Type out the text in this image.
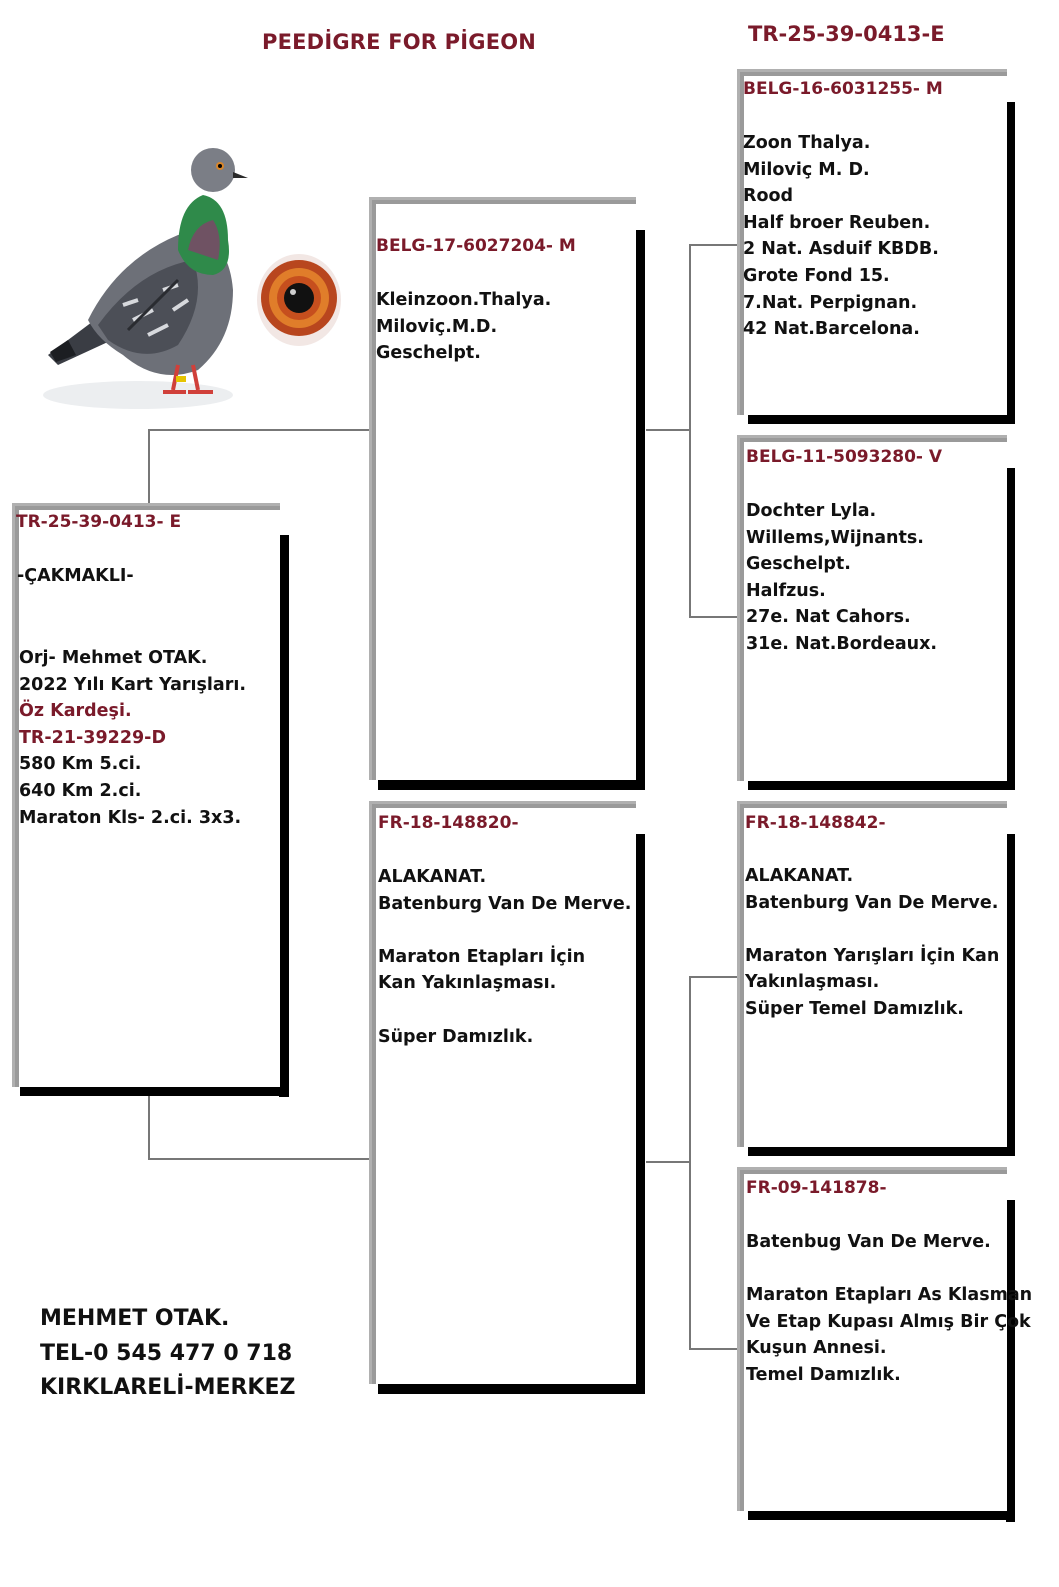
PEEDİGRE FOR PİGEON	TR-25-39-0413-E
TR-25-39-0413- E
-ÇAKMAKLI-
Orj- Mehmet OTAK.
2022 Yılı Kart Yarışları.
Öz Kardeşi.
TR-21-39229-D
580 Km 5.ci.
640 Km 2.ci.
Maraton Kls- 2.ci. 3x3.
BELG-17-6027204- M
Kleinzoon.Thalya.
Miloviç.M.D.
Geschelpt.
FR-18-148820-
ALAKANAT.
Batenburg Van De Merve.
Maraton Etapları İçin
Kan Yakınlaşması.
Süper Damızlık.
BELG-16-6031255- M
Zoon Thalya.
Miloviç M. D.
Rood
Half broer Reuben.
2 Nat. Asduif KBDB.
Grote Fond 15.
7.Nat. Perpignan.
42 Nat.Barcelona.
BELG-11-5093280- V
Dochter Lyla.
Willems,Wijnants.
Geschelpt.
Halfzus.
27e. Nat Cahors.
31e. Nat.Bordeaux.
FR-18-148842-
ALAKANAT.
Batenburg Van De Merve.
Maraton Yarışları İçin Kan
Yakınlaşması.
Süper Temel Damızlık.
FR-09-141878-
Batenbug Van De Merve.
Maraton Etapları As Klasman
Ve Etap Kupası Almış Bir Çok
Kuşun Annesi.
Temel Damızlık.
MEHMET OTAK.
TEL-0 545 477 0 718
KIRKLARELİ-MERKEZ
